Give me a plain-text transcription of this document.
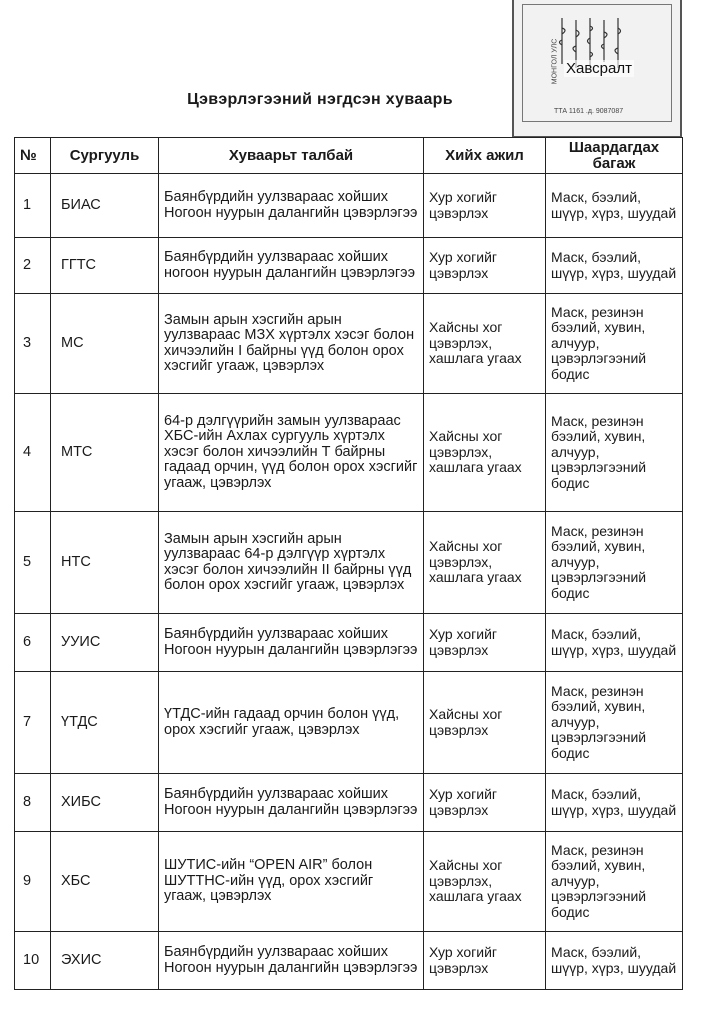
МОНГОЛ УЛС Хавсралт
ТТА 1161 .д. 9087087
Цэвэрлэгээний нэгдсэн хуваарь
№	Сургууль	Хуваарьт талбай	Хийх ажил	Шаардагдах багаж
1	БИАС	Баянбүрдийн уулзвараас хойших Ногоон нуурын далангийн цэвэрлэгээ	Хур хогийг цэвэрлэх	Маск, бээлий, шүүр, хүрз, шуудай
2	ГГТС	Баянбүрдийн уулзвараас хойших ногоон нуурын далангийн цэвэрлэгээ	Хур хогийг цэвэрлэх	Маск, бээлий, шүүр, хүрз, шуудай
3	МС	Замын арын хэсгийн арын уулзвараас МЗХ хүртэлх хэсэг болон хичээлийн I байрны үүд болон орох хэсгийг угааж, цэвэрлэх	Хайсны хог цэвэрлэх, хашлага угаах	Маск, резинэн бээлий, хувин, алчуур, цэвэрлэгээний бодис
4	МТС	64-р дэлгүүрийн замын уулзвараас ХБС-ийн Ахлах сургууль хүртэлх хэсэг болон хичээлийн Т байрны гадаад орчин, үүд болон орох хэсгийг угааж, цэвэрлэх	Хайсны хог цэвэрлэх, хашлага угаах	Маск, резинэн бээлий, хувин, алчуур, цэвэрлэгээний бодис
5	НТС	Замын арын хэсгийн арын уулзвараас 64-р дэлгүүр хүртэлх хэсэг болон хичээлийн II байрны үүд болон орох хэсгийг угааж, цэвэрлэх	Хайсны хог цэвэрлэх, хашлага угаах	Маск, резинэн бээлий, хувин, алчуур, цэвэрлэгээний бодис
6	УУИС	Баянбүрдийн уулзвараас хойших Ногоон нуурын далангийн цэвэрлэгээ	Хур хогийг цэвэрлэх	Маск, бээлий, шүүр, хүрз, шуудай
7	ҮТДС	ҮТДС-ийн гадаад орчин болон үүд, орох хэсгийг угааж, цэвэрлэх	Хайсны хог цэвэрлэх	Маск, резинэн бээлий, хувин, алчуур, цэвэрлэгээний бодис
8	ХИБС	Баянбүрдийн уулзвараас хойших Ногоон нуурын далангийн цэвэрлэгээ	Хур хогийг цэвэрлэх	Маск, бээлий, шүүр, хүрз, шуудай
9	ХБС	ШУТИС-ийн “OPEN AIR” болон ШУТТНС-ийн үүд, орох хэсгийг угааж, цэвэрлэх	Хайсны хог цэвэрлэх, хашлага угаах	Маск, резинэн бээлий, хувин, алчуур, цэвэрлэгээний бодис
10	ЭХИС	Баянбүрдийн уулзвараас хойших Ногоон нуурын далангийн цэвэрлэгээ	Хур хогийг цэвэрлэх	Маск, бээлий, шүүр, хүрз, шуудай
